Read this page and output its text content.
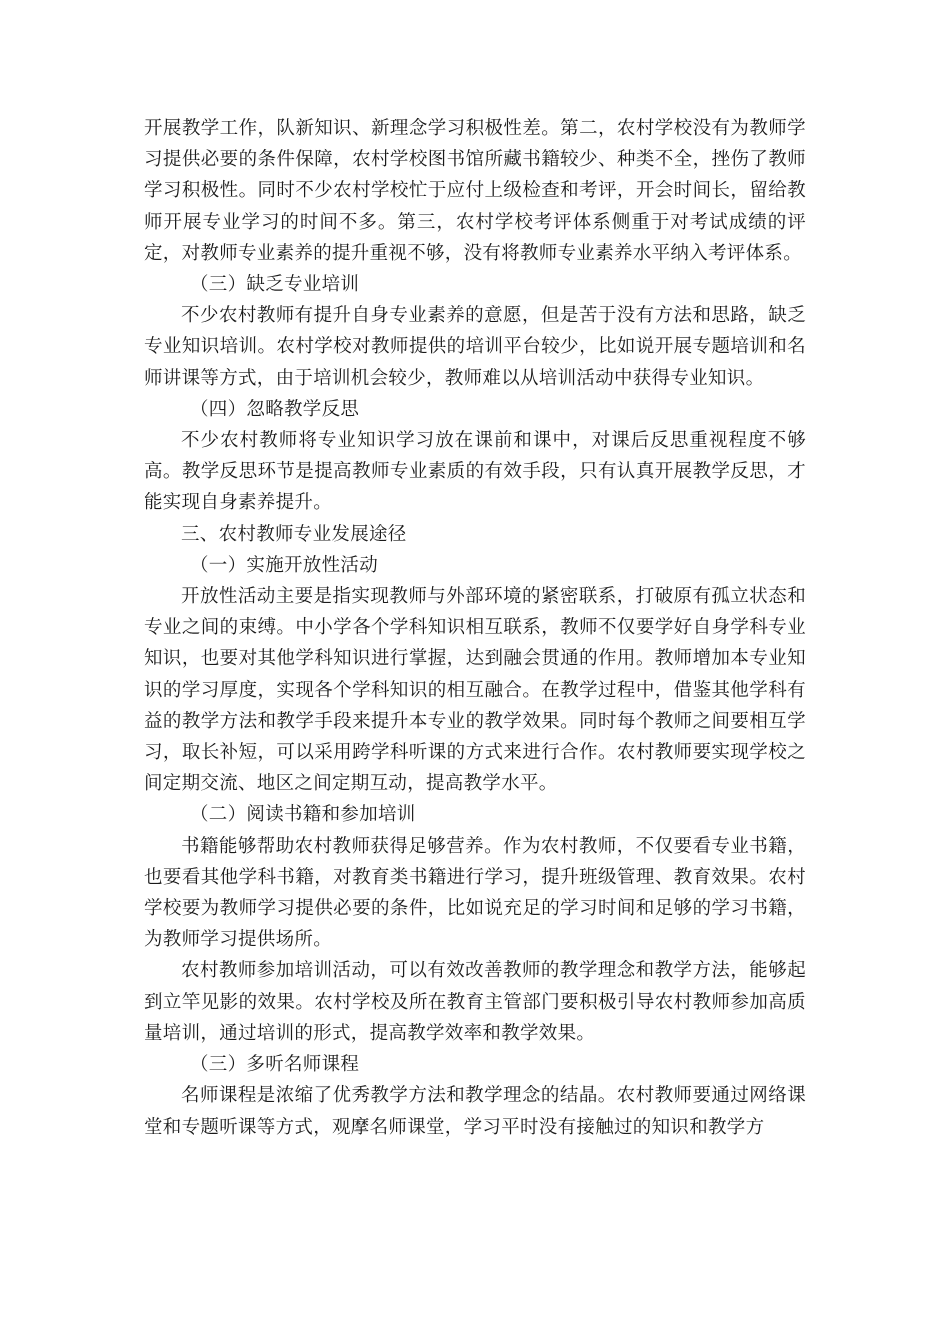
开展教学工作，队新知识、新理念学习积极性差。第二，农村学校没有为教师学习提供必要的条件保障，农村学校图书馆所藏书籍较少、种类不全，挫伤了教师学习积极性。同时不少农村学校忙于应付上级检查和考评，开会时间长，留给教师开展专业学习的时间不多。第三，农村学校考评体系侧重于对考试成绩的评定，对教师专业素养的提升重视不够，没有将教师专业素养水平纳入考评体系。

（三）缺乏专业培训

不少农村教师有提升自身专业素养的意愿，但是苦于没有方法和思路，缺乏专业知识培训。农村学校对教师提供的培训平台较少，比如说开展专题培训和名师讲课等方式，由于培训机会较少，教师难以从培训活动中获得专业知识。

（四）忽略教学反思

不少农村教师将专业知识学习放在课前和课中，对课后反思重视程度不够高。教学反思环节是提高教师专业素质的有效手段，只有认真开展教学反思，才能实现自身素养提升。

三、农村教师专业发展途径

（一）实施开放性活动

开放性活动主要是指实现教师与外部环境的紧密联系，打破原有孤立状态和专业之间的束缚。中小学各个学科知识相互联系，教师不仅要学好自身学科专业知识，也要对其他学科知识进行掌握，达到融会贯通的作用。教师增加本专业知识的学习厚度，实现各个学科知识的相互融合。在教学过程中，借鉴其他学科有益的教学方法和教学手段来提升本专业的教学效果。同时每个教师之间要相互学习，取长补短，可以采用跨学科听课的方式来进行合作。农村教师要实现学校之间定期交流、地区之间定期互动，提高教学水平。

（二）阅读书籍和参加培训

书籍能够帮助农村教师获得足够营养。作为农村教师，不仅要看专业书籍，也要看其他学科书籍，对教育类书籍进行学习，提升班级管理、教育效果。农村学校要为教师学习提供必要的条件，比如说充足的学习时间和足够的学习书籍，为教师学习提供场所。

农村教师参加培训活动，可以有效改善教师的教学理念和教学方法，能够起到立竿见影的效果。农村学校及所在教育主管部门要积极引导农村教师参加高质量培训，通过培训的形式，提高教学效率和教学效果。

（三）多听名师课程

名师课程是浓缩了优秀教学方法和教学理念的结晶。农村教师要通过网络课堂和专题听课等方式，观摩名师课堂，学习平时没有接触过的知识和教学方
